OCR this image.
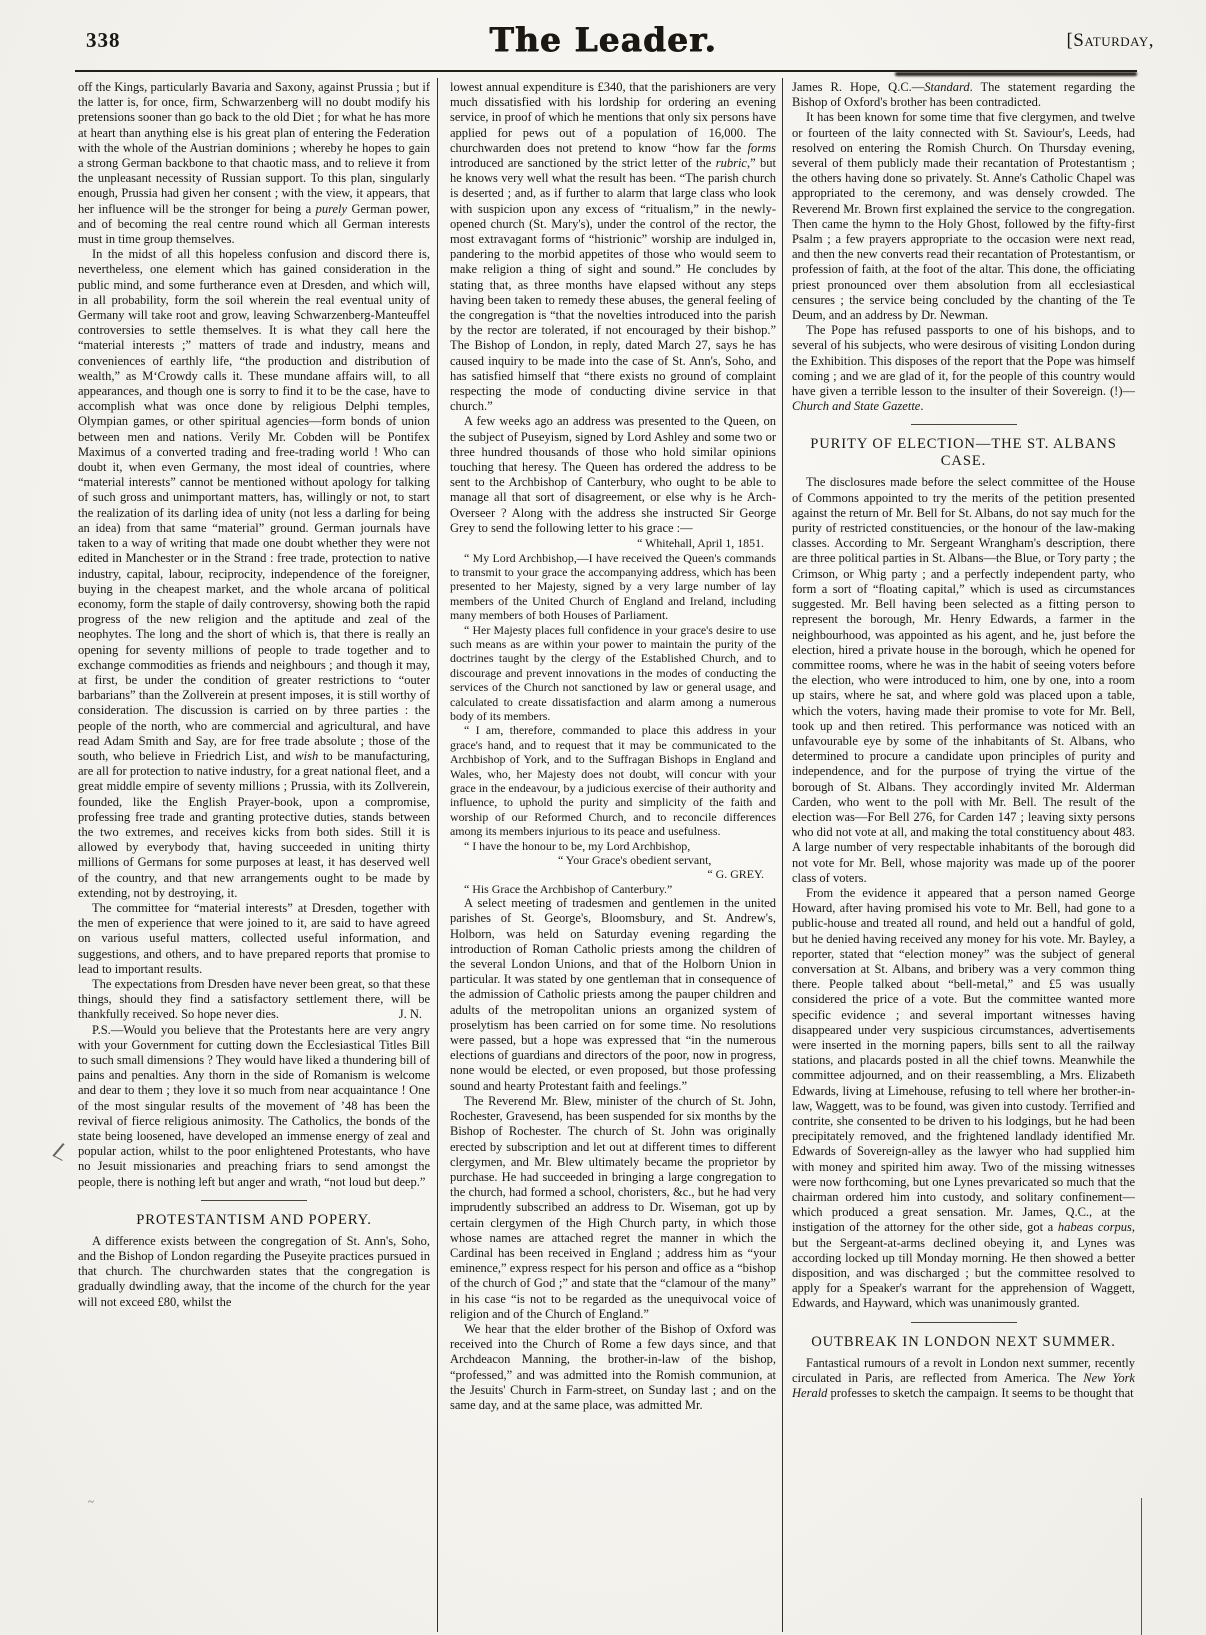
338	The Leader.	[Saturday,
~

off the Kings, particularly Bavaria and Saxony, against Prussia ; but if the latter is, for once, firm, Schwarzenberg will no doubt modify his pretensions sooner than go back to the old Diet ; for what he has more at heart than anything else is his great plan of entering the Federation with the whole of the Austrian dominions ; whereby he hopes to gain a strong German backbone to that chaotic mass, and to relieve it from the unpleasant necessity of Russian support. To this plan, singularly enough, Prussia had given her consent ; with the view, it appears, that her influence will be the stronger for being a purely German power, and of becoming the real centre round which all German interests must in time group themselves.

In the midst of all this hopeless confusion and discord there is, nevertheless, one element which has gained consideration in the public mind, and some furtherance even at Dresden, and which will, in all probability, form the soil wherein the real eventual unity of Germany will take root and grow, leaving Schwarzenberg-Manteuffel controversies to settle themselves. It is what they call here the “material interests ;” matters of trade and industry, means and conveniences of earthly life, “the production and distribution of wealth,” as M‘Crowdy calls it. These mundane affairs will, to all appearances, and though one is sorry to find it to be the case, have to accomplish what was once done by religious Delphi temples, Olympian games, or other spiritual agencies—form bonds of union between men and nations. Verily Mr. Cobden will be Pontifex Maximus of a converted trading and free-trading world ! Who can doubt it, when even Germany, the most ideal of countries, where “material interests” cannot be mentioned without apology for talking of such gross and unimportant matters, has, willingly or not, to start the realization of its darling idea of unity (not less a darling for being an idea) from that same “material” ground. German journals have taken to a way of writing that made one doubt whether they were not edited in Manchester or in the Strand : free trade, protection to native industry, capital, labour, reciprocity, independence of the foreigner, buying in the cheapest market, and the whole arcana of political economy, form the staple of daily controversy, showing both the rapid progress of the new religion and the aptitude and zeal of the neophytes. The long and the short of which is, that there is really an opening for seventy millions of people to trade together and to exchange commodities as friends and neighbours ; and though it may, at first, be under the condition of greater restrictions to “outer barbarians” than the Zollverein at present imposes, it is still worthy of consideration. The discussion is carried on by three parties : the people of the north, who are commercial and agricultural, and have read Adam Smith and Say, are for free trade absolute ; those of the south, who believe in Friedrich List, and wish to be manufacturing, are all for protection to native industry, for a great national fleet, and a great middle empire of seventy millions ; Prussia, with its Zollverein, founded, like the English Prayer-book, upon a compromise, professing free trade and granting protective duties, stands between the two extremes, and receives kicks from both sides. Still it is allowed by everybody that, having succeeded in uniting thirty millions of Germans for some purposes at least, it has deserved well of the country, and that new arrangements ought to be made by extending, not by destroying, it.

The committee for “material interests” at Dresden, together with the men of experience that were joined to it, are said to have agreed on various useful matters, collected useful information, and suggestions, and others, and to have prepared reports that promise to lead to important results.

The expectations from Dresden have never been great, so that these things, should they find a satisfactory settlement there, will be thankfully received. So hope never dies.	J. N.

P.S.—Would you believe that the Protestants here are very angry with your Government for cutting down the Ecclesiastical Titles Bill to such small dimensions ? They would have liked a thundering bill of pains and penalties. Any thorn in the side of Romanism is welcome and dear to them ; they love it so much from near acquaintance ! One of the most singular results of the movement of ’48 has been the revival of fierce religious animosity. The Catholics, the bonds of the state being loosened, have developed an immense energy of zeal and popular action, whilst to the poor enlightened Protestants, who have no Jesuit missionaries and preaching friars to send amongst the people, there is nothing left but anger and wrath, “not loud but deep.”

PROTESTANTISM AND POPERY.

A difference exists between the congregation of St. Ann's, Soho, and the Bishop of London regarding the Puseyite practices pursued in that church. The churchwarden states that the congregation is gradually dwindling away, that the income of the church for the year will not exceed £80, whilst the

lowest annual expenditure is £340, that the parishioners are very much dissatisfied with his lordship for ordering an evening service, in proof of which he mentions that only six persons have applied for pews out of a population of 16,000. The churchwarden does not pretend to know “how far the forms introduced are sanctioned by the strict letter of the rubric,” but he knows very well what the result has been. “The parish church is deserted ; and, as if further to alarm that large class who look with suspicion upon any excess of “ritualism,” in the newly-opened church (St. Mary's), under the control of the rector, the most extravagant forms of “histrionic” worship are indulged in, pandering to the morbid appetites of those who would seem to make religion a thing of sight and sound.” He concludes by stating that, as three months have elapsed without any steps having been taken to remedy these abuses, the general feeling of the congregation is “that the novelties introduced into the parish by the rector are tolerated, if not encouraged by their bishop.” The Bishop of London, in reply, dated March 27, says he has caused inquiry to be made into the case of St. Ann's, Soho, and has satisfied himself that “there exists no ground of complaint respecting the mode of conducting divine service in that church.”

A few weeks ago an address was presented to the Queen, on the subject of Puseyism, signed by Lord Ashley and some two or three hundred thousands of those who hold similar opinions touching that heresy. The Queen has ordered the address to be sent to the Archbishop of Canterbury, who ought to be able to manage all that sort of disagreement, or else why is he Arch-Overseer ? Along with the address she instructed Sir George Grey to send the following letter to his grace :—

“ Whitehall, April 1, 1851.

“ My Lord Archbishop,—I have received the Queen's commands to transmit to your grace the accompanying address, which has been presented to her Majesty, signed by a very large number of lay members of the United Church of England and Ireland, including many members of both Houses of Parliament.

“ Her Majesty places full confidence in your grace's desire to use such means as are within your power to maintain the purity of the doctrines taught by the clergy of the Established Church, and to discourage and prevent innovations in the modes of conducting the services of the Church not sanctioned by law or general usage, and calculated to create dissatisfaction and alarm among a numerous body of its members.

“ I am, therefore, commanded to place this address in your grace's hand, and to request that it may be communicated to the Archbishop of York, and to the Suffragan Bishops in England and Wales, who, her Majesty does not doubt, will concur with your grace in the endeavour, by a judicious exercise of their authority and influence, to uphold the purity and simplicity of the faith and worship of our Reformed Church, and to reconcile differences among its members injurious to its peace and usefulness.

“ I have the honour to be, my Lord Archbishop,

“ Your Grace's obedient servant,

“ G. GREY.

“ His Grace the Archbishop of Canterbury.”

A select meeting of tradesmen and gentlemen in the united parishes of St. George's, Bloomsbury, and St. Andrew's, Holborn, was held on Saturday evening regarding the introduction of Roman Catholic priests among the children of the several London Unions, and that of the Holborn Union in particular. It was stated by one gentleman that in consequence of the admission of Catholic priests among the pauper children and adults of the metropolitan unions an organized system of proselytism has been carried on for some time. No resolutions were passed, but a hope was expressed that “in the numerous elections of guardians and directors of the poor, now in progress, none would be elected, or even proposed, but those professing sound and hearty Protestant faith and feelings.”

The Reverend Mr. Blew, minister of the church of St. John, Rochester, Gravesend, has been suspended for six months by the Bishop of Rochester. The church of St. John was originally erected by subscription and let out at different times to different clergymen, and Mr. Blew ultimately became the proprietor by purchase. He had succeeded in bringing a large congregation to the church, had formed a school, choristers, &c., but he had very imprudently subscribed an address to Dr. Wiseman, got up by certain clergymen of the High Church party, in which those whose names are attached regret the manner in which the Cardinal has been received in England ; address him as “your eminence,” express respect for his person and office as a “bishop of the church of God ;” and state that the “clamour of the many” in his case “is not to be regarded as the unequivocal voice of religion and of the Church of England.”

We hear that the elder brother of the Bishop of Oxford was received into the Church of Rome a few days since, and that Archdeacon Manning, the brother-in-law of the bishop, “professed,” and was admitted into the Romish communion, at the Jesuits' Church in Farm-street, on Sunday last ; and on the same day, and at the same place, was admitted Mr.

James R. Hope, Q.C.—Standard. The statement regarding the Bishop of Oxford's brother has been contradicted.

It has been known for some time that five clergymen, and twelve or fourteen of the laity connected with St. Saviour's, Leeds, had resolved on entering the Romish Church. On Thursday evening, several of them publicly made their recantation of Protestantism ; the others having done so privately. St. Anne's Catholic Chapel was appropriated to the ceremony, and was densely crowded. The Reverend Mr. Brown first explained the service to the congregation. Then came the hymn to the Holy Ghost, followed by the fifty-first Psalm ; a few prayers appropriate to the occasion were next read, and then the new converts read their recantation of Protestantism, or profession of faith, at the foot of the altar. This done, the officiating priest pronounced over them absolution from all ecclesiastical censures ; the service being concluded by the chanting of the Te Deum, and an address by Dr. Newman.

The Pope has refused passports to one of his bishops, and to several of his subjects, who were desirous of visiting London during the Exhibition. This disposes of the report that the Pope was himself coming ; and we are glad of it, for the people of this country would have given a terrible lesson to the insulter of their Sovereign. (!)—Church and State Gazette.

PURITY OF ELECTION—THE ST. ALBANS
CASE.

The disclosures made before the select committee of the House of Commons appointed to try the merits of the petition presented against the return of Mr. Bell for St. Albans, do not say much for the purity of restricted constituencies, or the honour of the law-making classes. According to Mr. Sergeant Wrangham's description, there are three political parties in St. Albans—the Blue, or Tory party ; the Crimson, or Whig party ; and a perfectly independent party, who form a sort of “floating capital,” which is used as circumstances suggested. Mr. Bell having been selected as a fitting person to represent the borough, Mr. Henry Edwards, a farmer in the neighbourhood, was appointed as his agent, and he, just before the election, hired a private house in the borough, which he opened for committee rooms, where he was in the habit of seeing voters before the election, who were introduced to him, one by one, into a room up stairs, where he sat, and where gold was placed upon a table, which the voters, having made their promise to vote for Mr. Bell, took up and then retired. This performance was noticed with an unfavourable eye by some of the inhabitants of St. Albans, who determined to procure a candidate upon principles of purity and independence, and for the purpose of trying the virtue of the borough of St. Albans. They accordingly invited Mr. Alderman Carden, who went to the poll with Mr. Bell. The result of the election was—For Bell 276, for Carden 147 ; leaving sixty persons who did not vote at all, and making the total constituency about 483. A large number of very respectable inhabitants of the borough did not vote for Mr. Bell, whose majority was made up of the poorer class of voters.

From the evidence it appeared that a person named George Howard, after having promised his vote to Mr. Bell, had gone to a public-house and treated all round, and held out a handful of gold, but he denied having received any money for his vote. Mr. Bayley, a reporter, stated that “election money” was the subject of general conversation at St. Albans, and bribery was a very common thing there. People talked about “bell-metal,” and £5 was usually considered the price of a vote. But the committee wanted more specific evidence ; and several important witnesses having disappeared under very suspicious circumstances, advertisements were inserted in the morning papers, bills sent to all the railway stations, and placards posted in all the chief towns. Meanwhile the committee adjourned, and on their reassembling, a Mrs. Elizabeth Edwards, living at Limehouse, refusing to tell where her brother-in-law, Waggett, was to be found, was given into custody. Terrified and contrite, she consented to be driven to his lodgings, but he had been precipitately removed, and the frightened landlady identified Mr. Edwards of Sovereign-alley as the lawyer who had supplied him with money and spirited him away. Two of the missing witnesses were now forthcoming, but one Lynes prevaricated so much that the chairman ordered him into custody, and solitary confinement—which produced a great sensation. Mr. James, Q.C., at the instigation of the attorney for the other side, got a habeas corpus, but the Sergeant-at-arms declined obeying it, and Lynes was according locked up till Monday morning. He then showed a better disposition, and was discharged ; but the committee resolved to apply for a Speaker's warrant for the apprehension of Waggett, Edwards, and Hayward, which was unanimously granted.

OUTBREAK IN LONDON NEXT SUMMER.

Fantastical rumours of a revolt in London next summer, recently circulated in Paris, are reflected from America. The New York Herald professes to sketch the campaign. It seems to be thought that
